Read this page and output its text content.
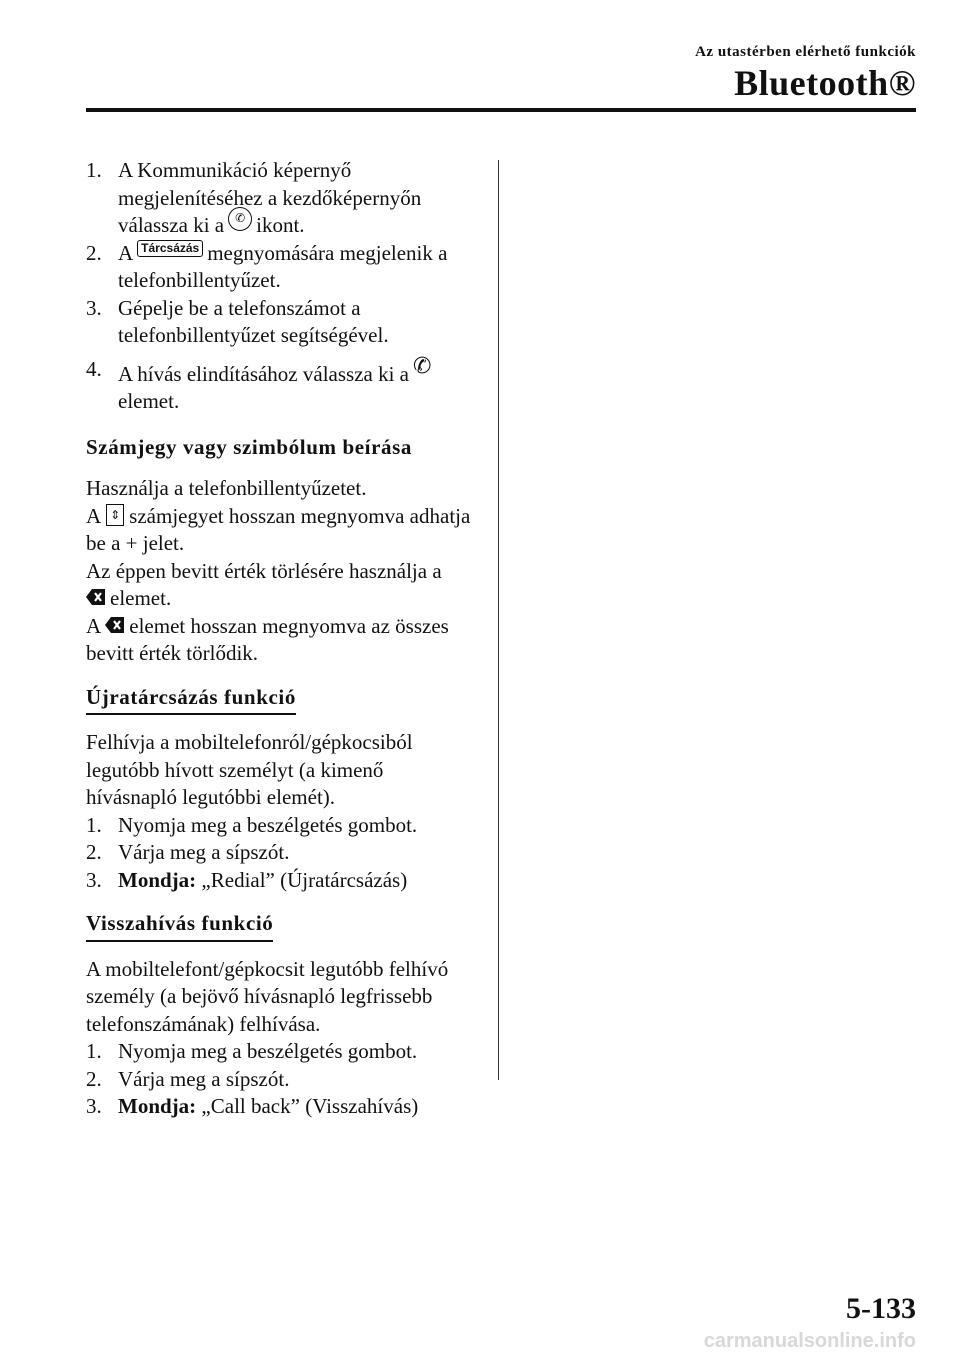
Az utastérben elérhető funkciók
Bluetooth®
1. A Kommunikáció képernyő megjelenítéséhez a kezdőképernyőn válassza ki a ✆ ikont.
2. A Tárcsázás megnyomására megjelenik a telefonbillentyűzet.
3. Gépelje be a telefonszámot a telefonbillentyűzet segítségével.
4. A hívás elindításához válassza ki a ✆
elemet.
Számjegy vagy szimbólum beírása

Használja a telefonbillentyűzetet.

A ⇕ számjegyet hosszan megnyomva adhatja be a + jelet.

Az éppen bevitt érték törlésére használja a
elemet.

A elemet hosszan megnyomva az összes bevitt érték törlődik.

Újratárcsázás funkció

Felhívja a mobiltelefonról/gépkocsiból legutóbb hívott személyt (a kimenő hívásnapló legutóbbi elemét).

1. Nyomja meg a beszélgetés gombot.
2. Várja meg a sípszót.
3. Mondja: „Redial” (Újratárcsázás)
Visszahívás funkció

A mobiltelefont/gépkocsit legutóbb felhívó személy (a bejövő hívásnapló legfrissebb telefonszámának) felhívása.

1. Nyomja meg a beszélgetés gombot.
2. Várja meg a sípszót.
3. Mondja: „Call back” (Visszahívás)
5-133
carmanualsonline.info
